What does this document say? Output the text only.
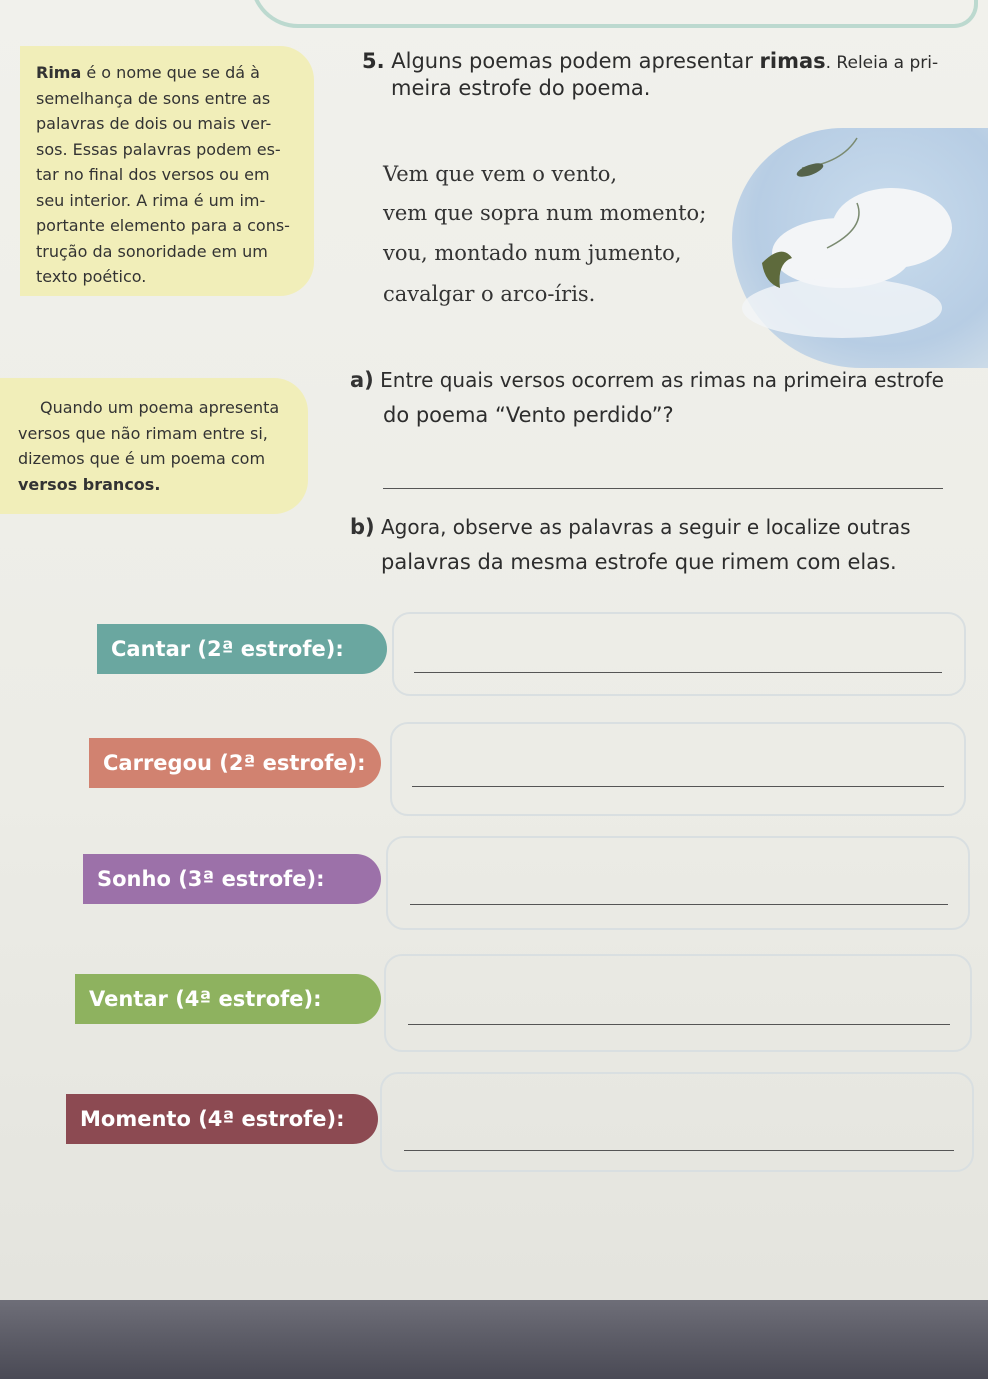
Rima é o nome que se dá à
semelhança de sons entre as
palavras de dois ou mais ver-
sos. Essas palavras podem es-
tar no final dos versos ou em
seu interior. A rima é um im-
portante elemento para a cons-
trução da sonoridade em um
texto poético.
5. Alguns poemas podem apresentar rimas. Releia a pri-
meira estrofe do poema.
Vem que vem o vento,
vem que sopra num momento;
vou, montado num jumento,
cavalgar o arco-íris.
Quando um poema apresenta
versos que não rimam entre si,
dizemos que é um poema com
versos brancos.
a) Entre quais versos ocorrem as rimas na primeira estrofe
do poema “Vento perdido”?
b) Agora, observe as palavras a seguir e localize outras
palavras da mesma estrofe que rimem com elas.
Cantar (2ª estrofe):
Carregou (2ª estrofe):
Sonho (3ª estrofe):
Ventar (4ª estrofe):
Momento (4ª estrofe):
